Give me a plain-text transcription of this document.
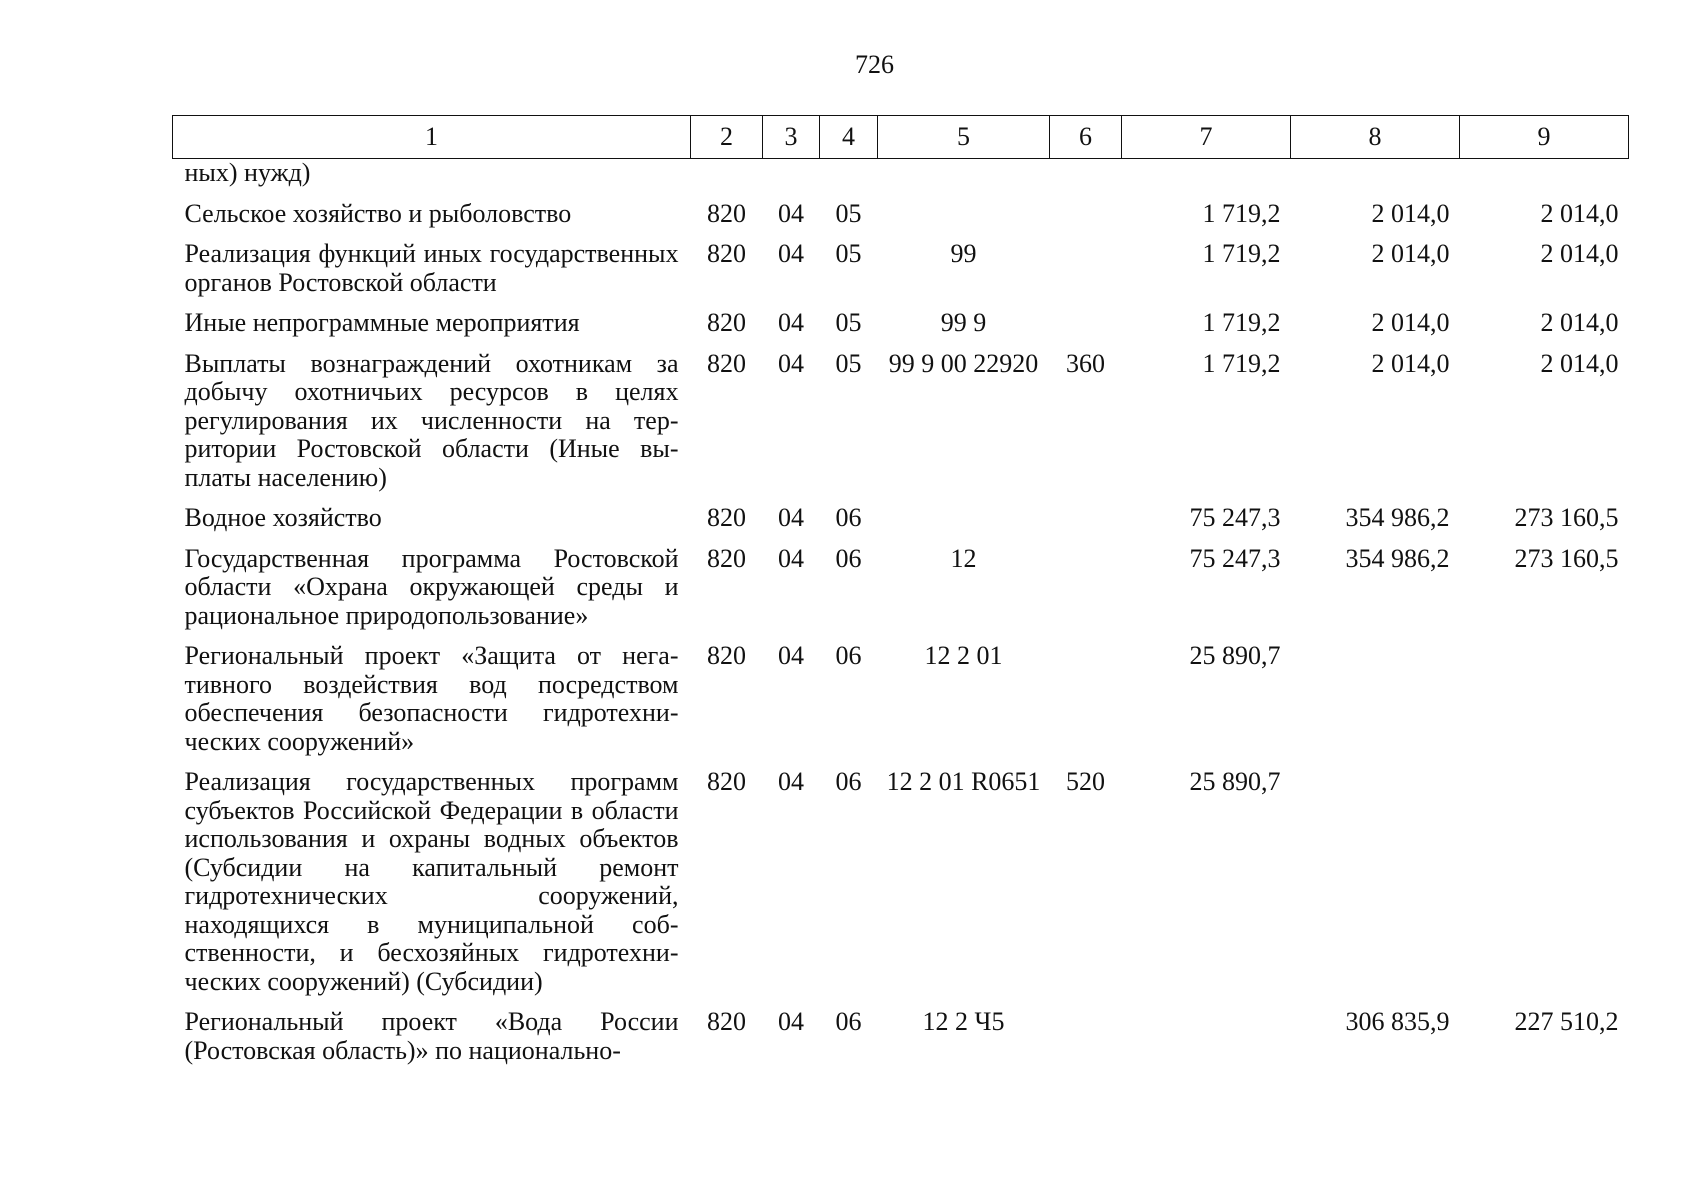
726
1	2	3	4	5	6	7	8	9
ных) нужд)								

Сельское хозяйство и рыболовство	820	04	05			1 719,2	2 014,0	2 014,0

Реализация функций иных государственных органов Ростовской области	820	04	05	99		1 719,2	2 014,0	2 014,0

Иные непрограммные мероприятия	820	04	05	99 9		1 719,2	2 014,0	2 014,0

Выплаты вознаграждений охотникам за добычу охотничьих ресурсов в целях регулирования их численности на территории Ростовской области (Иные выплаты населению)	820	04	05	99 9 00 22920	360	1 719,2	2 014,0	2 014,0

Водное хозяйство	820	04	06			75 247,3	354 986,2	273 160,5

Государственная программа Ростовской области «Охрана окружающей среды и рациональное природопользование»	820	04	06	12		75 247,3	354 986,2	273 160,5

Региональный проект «Защита от негативного воздействия вод посредством обеспечения безопасности гидротехнических сооружений»	820	04	06	12 2 01		25 890,7		

Реализация государственных программ субъектов Российской Федерации в области использования и охраны водных объектов (Субсидии на капитальный ремонт гидротехнических сооружений, находящихся в муниципальной собственности, и бесхозяйных гидротехнических сооружений) (Субсидии)	820	04	06	12 2 01 R0651	520	25 890,7		

Региональный проект «Вода России (Ростовская область)» по национально-	820	04	06	12 2 Ч5			306 835,9	227 510,2
